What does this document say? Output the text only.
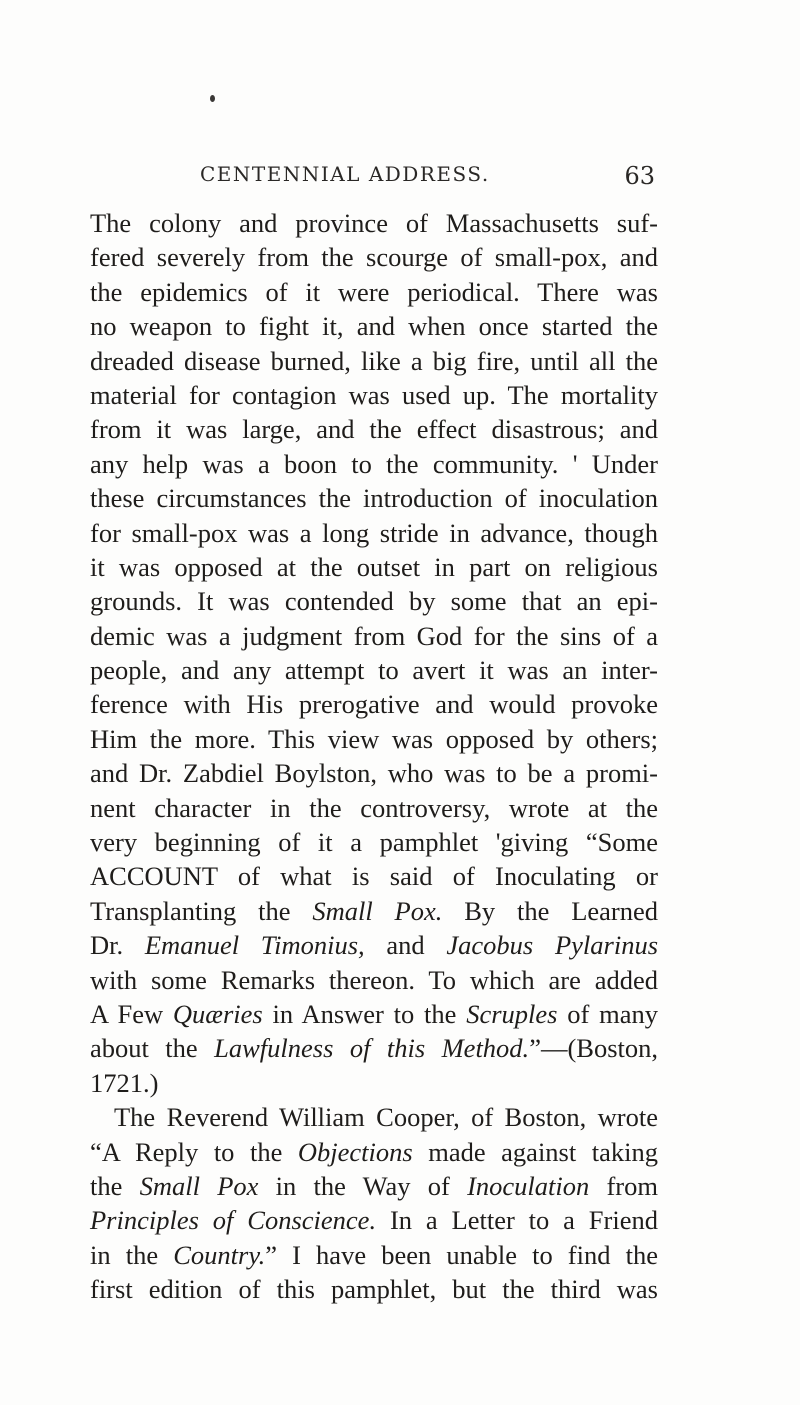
CENTENNIAL ADDRESS.	63
The colony and province of Massachusetts suf-
fered severely from the scourge of small-pox, and
the epidemics of it were periodical. There was
no weapon to fight it, and when once started the
dreaded disease burned, like a big fire, until all the
material for contagion was used up. The mortality
from it was large, and the effect disastrous; and
any help was a boon to the community. ' Under
these circumstances the introduction of inoculation
for small-pox was a long stride in advance, though
it was opposed at the outset in part on religious
grounds. It was contended by some that an epi-
demic was a judgment from God for the sins of a
people, and any attempt to avert it was an inter-
ference with His prerogative and would provoke
Him the more. This view was opposed by others;
and Dr. Zabdiel Boylston, who was to be a promi-
nent character in the controversy, wrote at the
very beginning of it a pamphlet 'giving “Some
ACCOUNT of what is said of Inoculating or
Transplanting the Small Pox. By the Learned
Dr. Emanuel Timonius, and Jacobus Pylarinus
with some Remarks thereon. To which are added
A Few Quæries in Answer to the Scruples of many
about the Lawfulness of this Method.”—(Boston,
1721.)
The Reverend William Cooper, of Boston, wrote
“A Reply to the Objections made against taking
the Small Pox in the Way of Inoculation from
Principles of Conscience. In a Letter to a Friend
in the Country.” I have been unable to find the
first edition of this pamphlet, but the third was
